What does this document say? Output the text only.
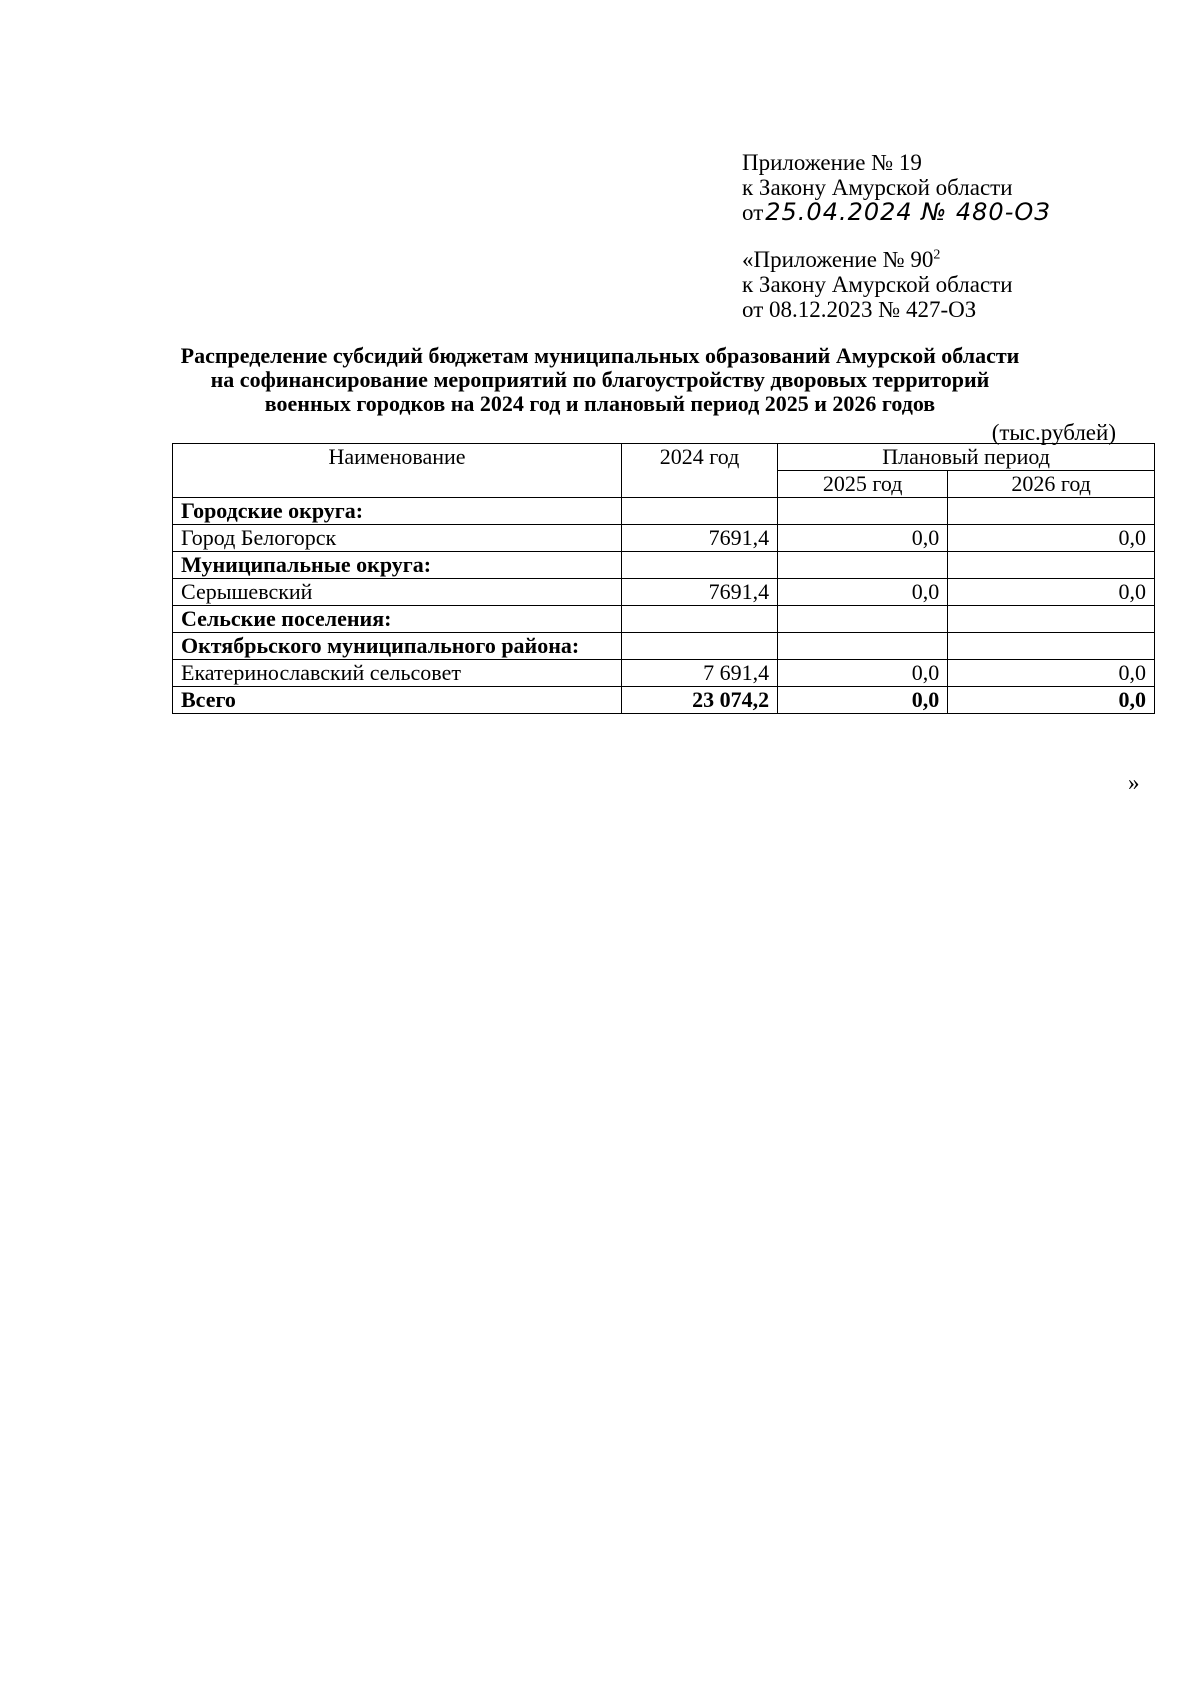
Приложение № 19
к Закону Амурской области
от25.04.2024 № 480-ОЗ
«Приложение № $90^2$
к Закону Амурской области
от 08.12.2023 № 427-ОЗ
Распределение субсидий бюджетам муниципальных образований Амурской области
на софинансирование мероприятий по благоустройству дворовых территорий
военных городков на 2024 год и плановый период 2025 и 2026 годов
(тыс.рублей)
Наименование	2024 год	Плановый период	
		2025 год	2026 год
Городские округа:			
Город Белогорск	7691,4	0,0	0,0
Муниципальные округа:			
Серышевский	7691,4	0,0	0,0
Сельские поселения:			
Октябрьского муниципального района:			
Екатеринославский сельсовет	7 691,4	0,0	0,0
Всего	23 074,2	0,0	0,0
»
